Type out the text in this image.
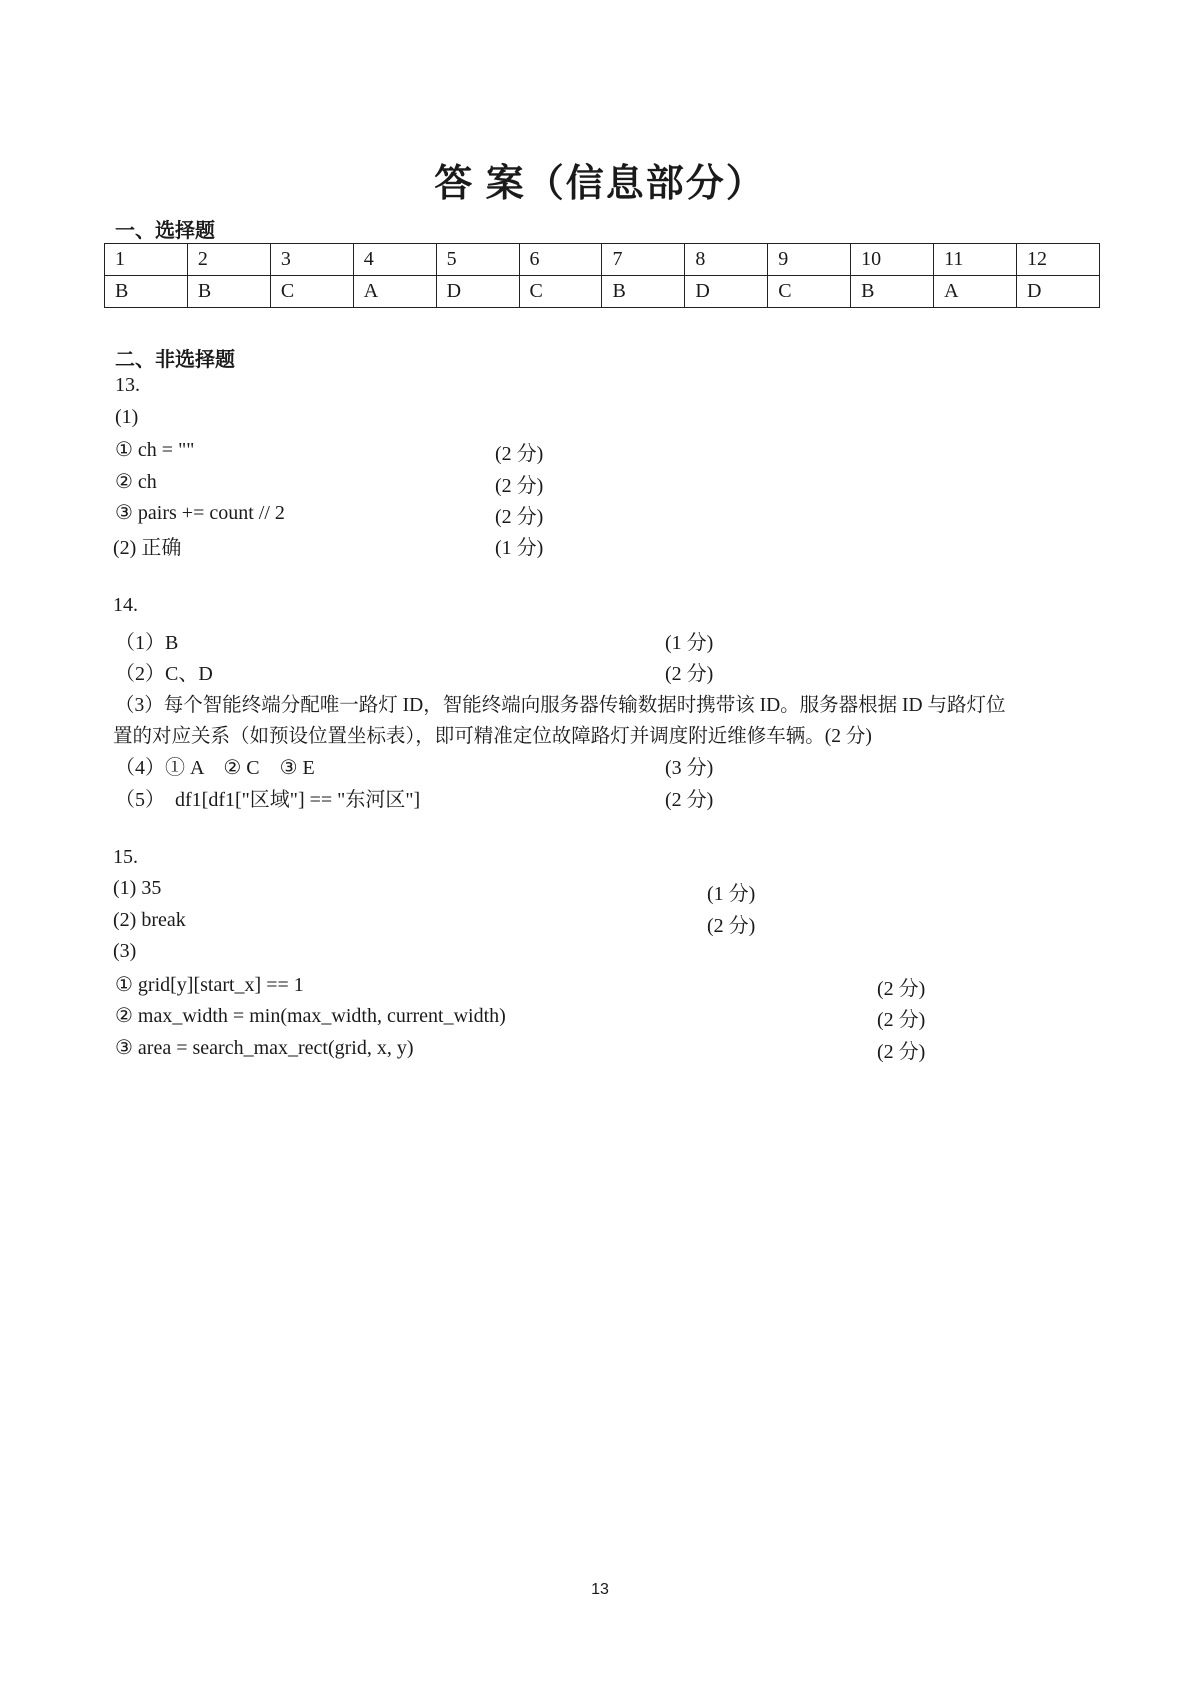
答 案（信息部分）
一、选择题
1	2	3	4	5	6	7	8	9	10	11	12
B	B	C	A	D	C	B	D	C	B	A	D
二、非选择题
13.
(1)
① ch = ""	(2 分)
② ch	(2 分)
③ pairs += count // 2	(2 分)
(2) 正确	(1 分)
14.
（1）B	(1 分)
（2）C、D	(2 分)
（3）每个智能终端分配唯一路灯 ID，智能终端向服务器传输数据时携带该 ID。服务器根据 ID 与路灯位
置的对应关系（如预设位置坐标表），即可精准定位故障路灯并调度附近维修车辆。(2 分)
（4）① A    ② C    ③ E	(3 分)
（5）  df1[df1["区域"] == "东河区"]	(2 分)
15.
(1) 35	(1 分)
(2) break	(2 分)
(3)
① grid[y][start_x] == 1	(2 分)
② max_width = min(max_width, current_width)	(2 分)
③ area = search_max_rect(grid, x, y)	(2 分)
13
